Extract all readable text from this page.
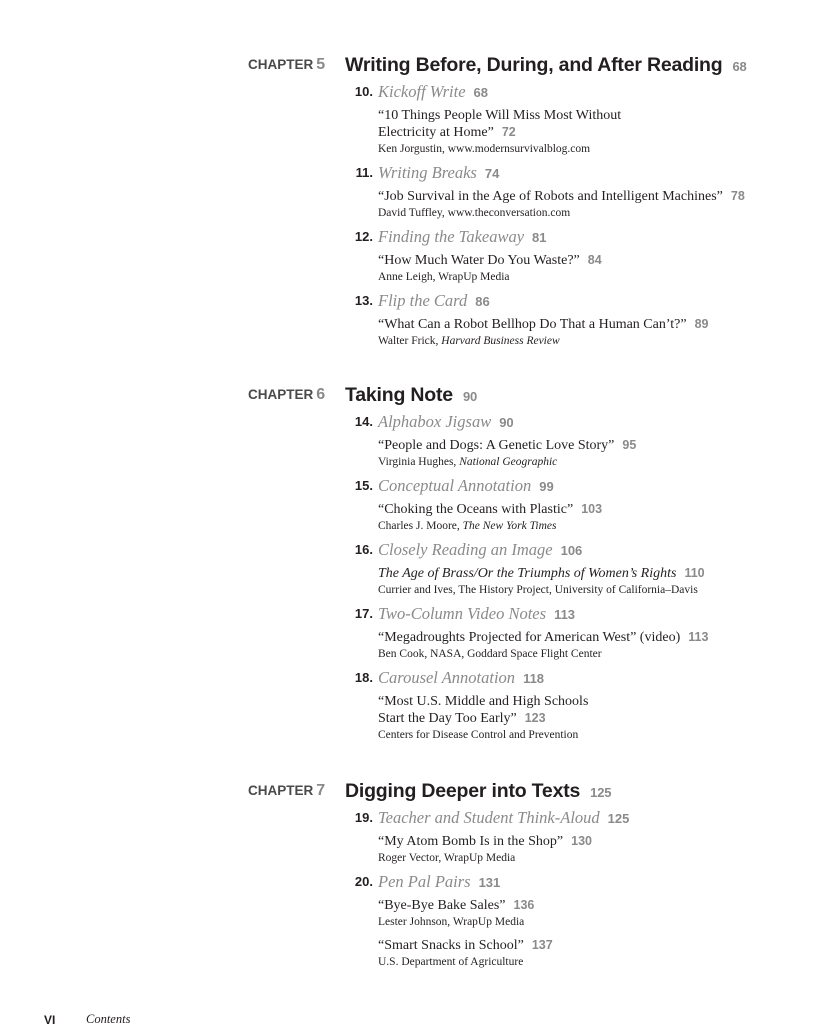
CHAPTER 5	Writing Before, During, and After Reading 68
10. Kickoff Write 68
“10 Things People Will Miss Most Without
Electricity at Home” 72
Ken Jorgustin, www.modernsurvivalblog.com
11. Writing Breaks 74
“Job Survival in the Age of Robots and Intelligent Machines” 78
David Tuffley, www.theconversation.com
12. Finding the Takeaway 81
“How Much Water Do You Waste?” 84
Anne Leigh, WrapUp Media
13. Flip the Card 86
“What Can a Robot Bellhop Do That a Human Can’t?” 89
Walter Frick, Harvard Business Review
CHAPTER 6	Taking Note 90
14. Alphabox Jigsaw 90
“People and Dogs: A Genetic Love Story” 95
Virginia Hughes, National Geographic
15. Conceptual Annotation 99
“Choking the Oceans with Plastic” 103
Charles J. Moore, The New York Times
16. Closely Reading an Image 106
The Age of Brass/Or the Triumphs of Women’s Rights 110
Currier and Ives, The History Project, University of California–Davis
17. Two-Column Video Notes 113
“Megadroughts Projected for American West” (video) 113
Ben Cook, NASA, Goddard Space Flight Center
18. Carousel Annotation 118
“Most U.S. Middle and High Schools
Start the Day Too Early” 123
Centers for Disease Control and Prevention
CHAPTER 7	Digging Deeper into Texts 125
19. Teacher and Student Think-Aloud 125
“My Atom Bomb Is in the Shop” 130
Roger Vector, WrapUp Media
20. Pen Pal Pairs 131
“Bye-Bye Bake Sales” 136
Lester Johnson, WrapUp Media
“Smart Snacks in School” 137
U.S. Department of Agriculture
VI Contents
